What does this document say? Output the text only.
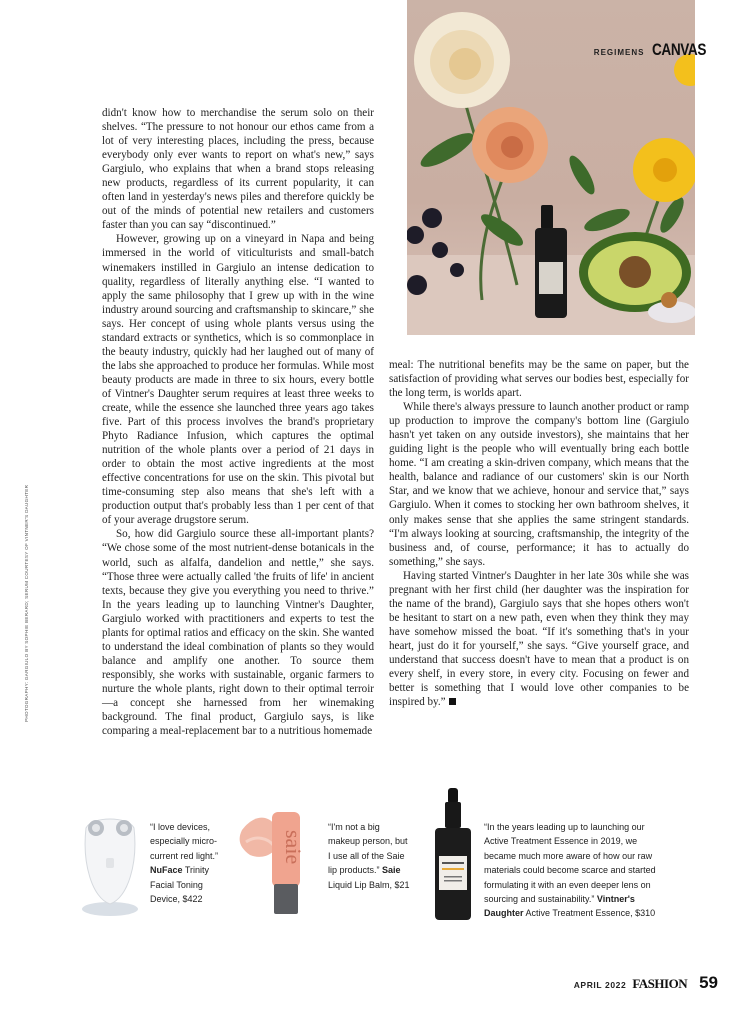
REGIMENS CANVAS
PHOTOGRAPHY: GARGIULO BY SOPHIE BERARD; SERUM COURTESY OF VINTNER'S DAUGHTER

didn't know how to merchandise the serum solo on their shelves. “The pressure to not honour our ethos came from a lot of very interesting places, including the press, because everybody only ever wants to report on what's new,” says Gargiulo, who explains that when a brand stops releasing new products, regardless of its current popularity, it can often land in yesterday's news piles and therefore quickly be out of the minds of potential new retailers and customers faster than you can say “discontinued.”

However, growing up on a vineyard in Napa and being immersed in the world of viticulturists and small-batch winemakers instilled in Gargiulo an intense dedication to quality, regardless of literally anything else. “I wanted to apply the same philosophy that I grew up with in the wine industry around sourcing and craftsmanship to skincare,” she says. Her concept of using whole plants versus using the standard extracts or synthetics, which is so commonplace in the beauty industry, quickly had her laughed out of many of the labs she approached to produce her formulas. While most beauty products are made in three to six hours, every bottle of Vintner's Daughter serum requires at least three weeks to create, while the essence she launched three years ago takes five. Part of this process involves the brand's proprietary Phyto Radiance Infusion, which captures the optimal nutrition of the whole plants over a period of 21 days in order to obtain the most active ingredients at the most effective concentrations for use on the skin. This pivotal but time-consuming step also means that she's left with a production output that's probably less than 1 per cent of that of your average drugstore serum.

So, how did Gargiulo source these all-important plants? “We chose some of the most nutrient-dense botanicals in the world, such as alfalfa, dandelion and nettle,” she says. “Those three were actually called 'the fruits of life' in ancient texts, because they give you everything you need to thrive.” In the years leading up to launching Vintner's Daughter, Gargiulo worked with practitioners and experts to test the plants for optimal ratios and efficacy on the skin. She wanted to understand the ideal combination of plants so they would balance and amplify one another. To source them responsibly, she works with sustainable, organic farmers to nurture the whole plants, right down to their optimal terroir—a concept she harnessed from her winemaking background. The final product, Gargiulo says, is like comparing a meal-replacement bar to a nutritious homemade

meal: The nutritional benefits may be the same on paper, but the satisfaction of providing what serves our bodies best, especially for the long term, is worlds apart.

While there's always pressure to launch another product or ramp up production to improve the company's bottom line (Gargiulo hasn't yet taken on any outside investors), she maintains that her guiding light is the people who will eventually bring each bottle home. “I am creating a skin-driven company, which means that the health, balance and radiance of our customers' skin is our North Star, and we know that we achieve, honour and service that,” says Gargiulo. When it comes to stocking her own bathroom shelves, it only makes sense that she applies the same stringent standards. “I'm always looking at sourcing, craftsmanship, the integrity of the business and, of course, performance; it has to actually do something,” she says.

Having started Vintner's Daughter in her late 30s while she was pregnant with her first child (her daughter was the inspiration for the name of the brand), Gargiulo says that she hopes others won't be hesitant to start on a new path, even when they think they may have somehow missed the boat. “If it's something that's in your heart, just do it for yourself,” she says. “Give yourself grace, and understand that success doesn't have to mean that a product is on every shelf, in every store, in every city. Focusing on fewer and better is something that I would love other companies to be inspired by.”

“I love devices, especially micro-current red light.” NuFace Trinity Facial Toning Device, $422
saie
“I'm not a big makeup person, but I use all of the Saie lip products.” Saie Liquid Lip Balm, $21
“In the years leading up to launching our Active Treatment Essence in 2019, we became much more aware of how our raw materials could become scarce and started formulating it with an even deeper lens on sourcing and sustainability.” Vintner's Daughter Active Treatment Essence, $310
APRIL 2022 FASHION 59
